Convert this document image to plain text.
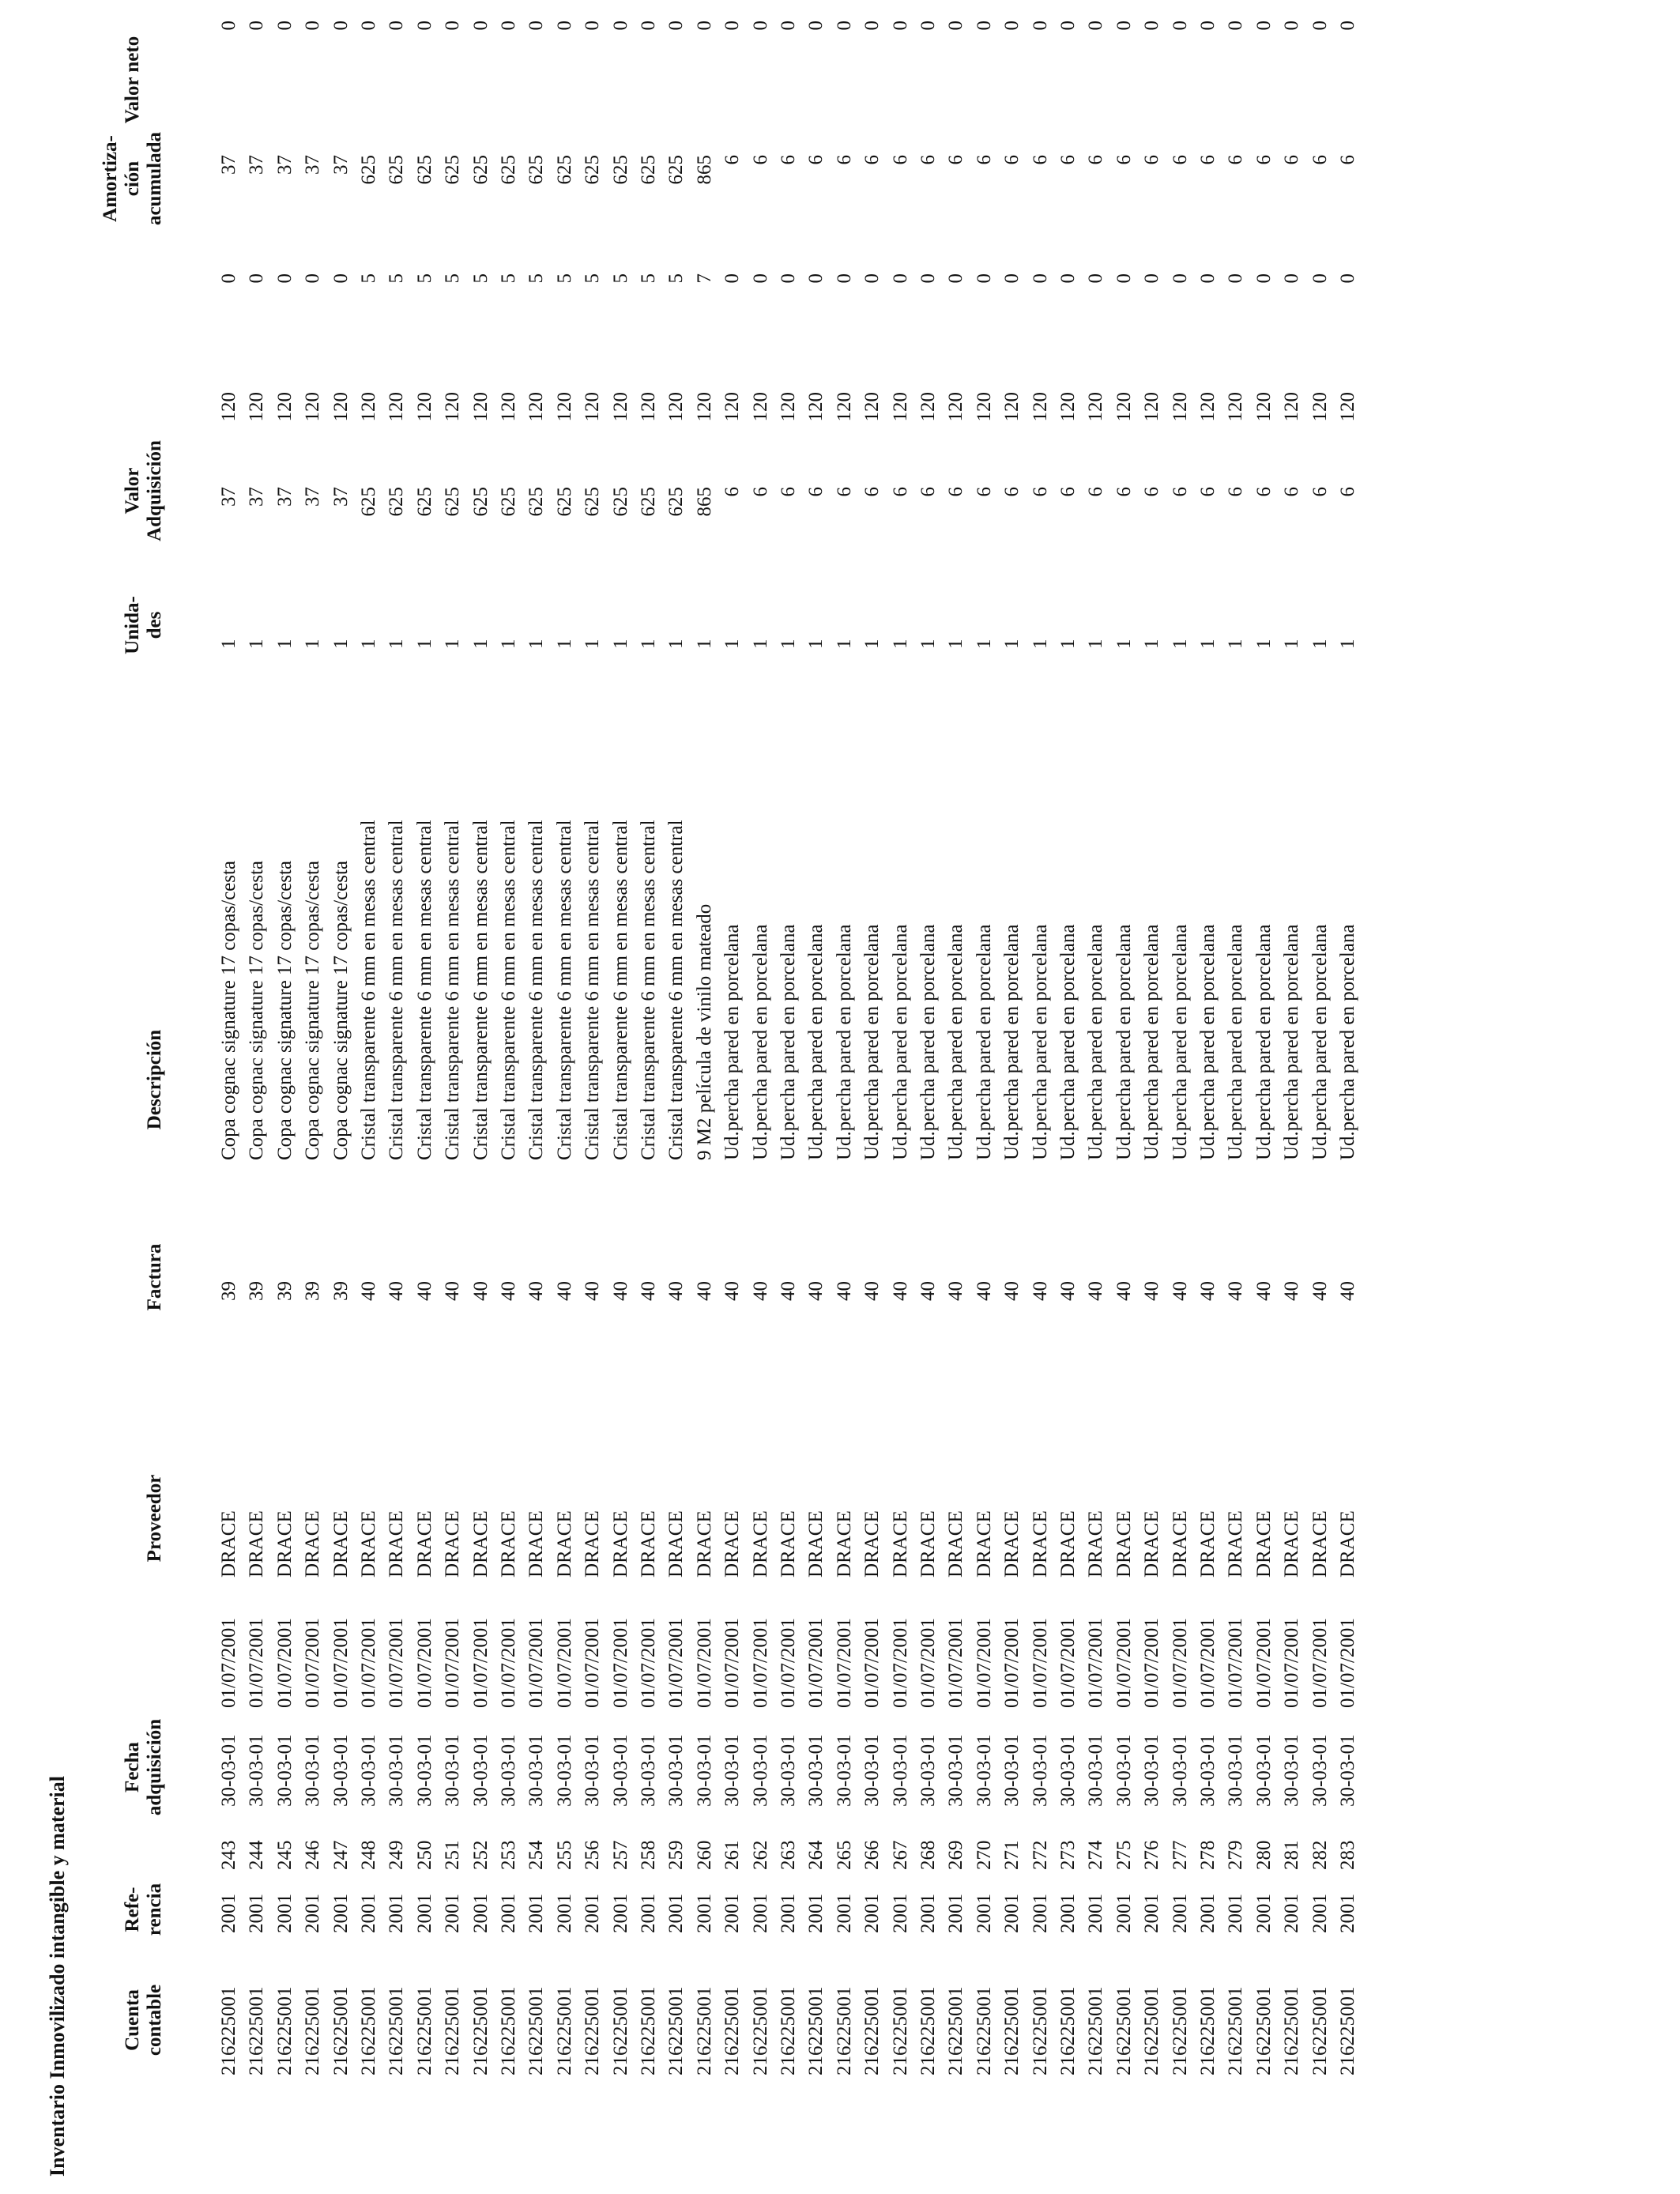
Inventario Inmovilizado intangible y material	216225001
2001
243
30-03-01
01/07/2001
DRACE
39
Copa cognac signature 17 copas/cesta
1
37
120
0
37
0
216225001
2001
244
30-03-01
01/07/2001
DRACE
39
Copa cognac signature 17 copas/cesta
1
37
120
0
37
0
216225001
2001
245
30-03-01
01/07/2001
DRACE
39
Copa cognac signature 17 copas/cesta
1
37
120
0
37
0
216225001
2001
246
30-03-01
01/07/2001
DRACE
39
Copa cognac signature 17 copas/cesta
1
37
120
0
37
0
216225001
2001
247
30-03-01
01/07/2001
DRACE
39
Copa cognac signature 17 copas/cesta
1
37
120
0
37
0
216225001
2001
248
30-03-01
01/07/2001
DRACE
40
Cristal transparente 6 mm en mesas central
1
625
120
5
625
0
216225001
2001
249
30-03-01
01/07/2001
DRACE
40
Cristal transparente 6 mm en mesas central
1
625
120
5
625
0
216225001
2001
250
30-03-01
01/07/2001
DRACE
40
Cristal transparente 6 mm en mesas central
1
625
120
5
625
0
216225001
2001
251
30-03-01
01/07/2001
DRACE
40
Cristal transparente 6 mm en mesas central
1
625
120
5
625
0
216225001
2001
252
30-03-01
01/07/2001
DRACE
40
Cristal transparente 6 mm en mesas central
1
625
120
5
625
0
216225001
2001
253
30-03-01
01/07/2001
DRACE
40
Cristal transparente 6 mm en mesas central
1
625
120
5
625
0
216225001
2001
254
30-03-01
01/07/2001
DRACE
40
Cristal transparente 6 mm en mesas central
1
625
120
5
625
0
216225001
2001
255
30-03-01
01/07/2001
DRACE
40
Cristal transparente 6 mm en mesas central
1
625
120
5
625
0
216225001
2001
256
30-03-01
01/07/2001
DRACE
40
Cristal transparente 6 mm en mesas central
1
625
120
5
625
0
216225001
2001
257
30-03-01
01/07/2001
DRACE
40
Cristal transparente 6 mm en mesas central
1
625
120
5
625
0
216225001
2001
258
30-03-01
01/07/2001
DRACE
40
Cristal transparente 6 mm en mesas central
1
625
120
5
625
0
216225001
2001
259
30-03-01
01/07/2001
DRACE
40
Cristal transparente 6 mm en mesas central
1
625
120
5
625
0
216225001
2001
260
30-03-01
01/07/2001
DRACE
40
9 M2 película de vinilo mateado
1
865
120
7
865
0
216225001
2001
261
30-03-01
01/07/2001
DRACE
40
Ud.percha pared en porcelana
1
6
120
0
6
0
216225001
2001
262
30-03-01
01/07/2001
DRACE
40
Ud.percha pared en porcelana
1
6
120
0
6
0
216225001
2001
263
30-03-01
01/07/2001
DRACE
40
Ud.percha pared en porcelana
1
6
120
0
6
0
216225001
2001
264
30-03-01
01/07/2001
DRACE
40
Ud.percha pared en porcelana
1
6
120
0
6
0
216225001
2001
265
30-03-01
01/07/2001
DRACE
40
Ud.percha pared en porcelana
1
6
120
0
6
0
216225001
2001
266
30-03-01
01/07/2001
DRACE
40
Ud.percha pared en porcelana
1
6
120
0
6
0
216225001
2001
267
30-03-01
01/07/2001
DRACE
40
Ud.percha pared en porcelana
1
6
120
0
6
0
216225001
2001
268
30-03-01
01/07/2001
DRACE
40
Ud.percha pared en porcelana
1
6
120
0
6
0
216225001
2001
269
30-03-01
01/07/2001
DRACE
40
Ud.percha pared en porcelana
1
6
120
0
6
0
216225001
2001
270
30-03-01
01/07/2001
DRACE
40
Ud.percha pared en porcelana
1
6
120
0
6
0
216225001
2001
271
30-03-01
01/07/2001
DRACE
40
Ud.percha pared en porcelana
1
6
120
0
6
0
216225001
2001
272
30-03-01
01/07/2001
DRACE
40
Ud.percha pared en porcelana
1
6
120
0
6
0
216225001
2001
273
30-03-01
01/07/2001
DRACE
40
Ud.percha pared en porcelana
1
6
120
0
6
0
216225001
2001
274
30-03-01
01/07/2001
DRACE
40
Ud.percha pared en porcelana
1
6
120
0
6
0
216225001
2001
275
30-03-01
01/07/2001
DRACE
40
Ud.percha pared en porcelana
1
6
120
0
6
0
216225001
2001
276
30-03-01
01/07/2001
DRACE
40
Ud.percha pared en porcelana
1
6
120
0
6
0
216225001
2001
277
30-03-01
01/07/2001
DRACE
40
Ud.percha pared en porcelana
1
6
120
0
6
0
216225001
2001
278
30-03-01
01/07/2001
DRACE
40
Ud.percha pared en porcelana
1
6
120
0
6
0
216225001
2001
279
30-03-01
01/07/2001
DRACE
40
Ud.percha pared en porcelana
1
6
120
0
6
0
216225001
2001
280
30-03-01
01/07/2001
DRACE
40
Ud.percha pared en porcelana
1
6
120
0
6
0
216225001
2001
281
30-03-01
01/07/2001
DRACE
40
Ud.percha pared en porcelana
1
6
120
0
6
0
216225001
2001
282
30-03-01
01/07/2001
DRACE
40
Ud.percha pared en porcelana
1
6
120
0
6
0
216225001
2001
283
30-03-01
01/07/2001
DRACE
40
Ud.percha pared en porcelana
1
6
120
0
6
0
Cuenta contable
Refe- rencia
Fecha adquisición
Proveedor
Factura
Descripción
Unida- des
Valor Adquisición
Amortiza- ción acumulada
Valor neto
